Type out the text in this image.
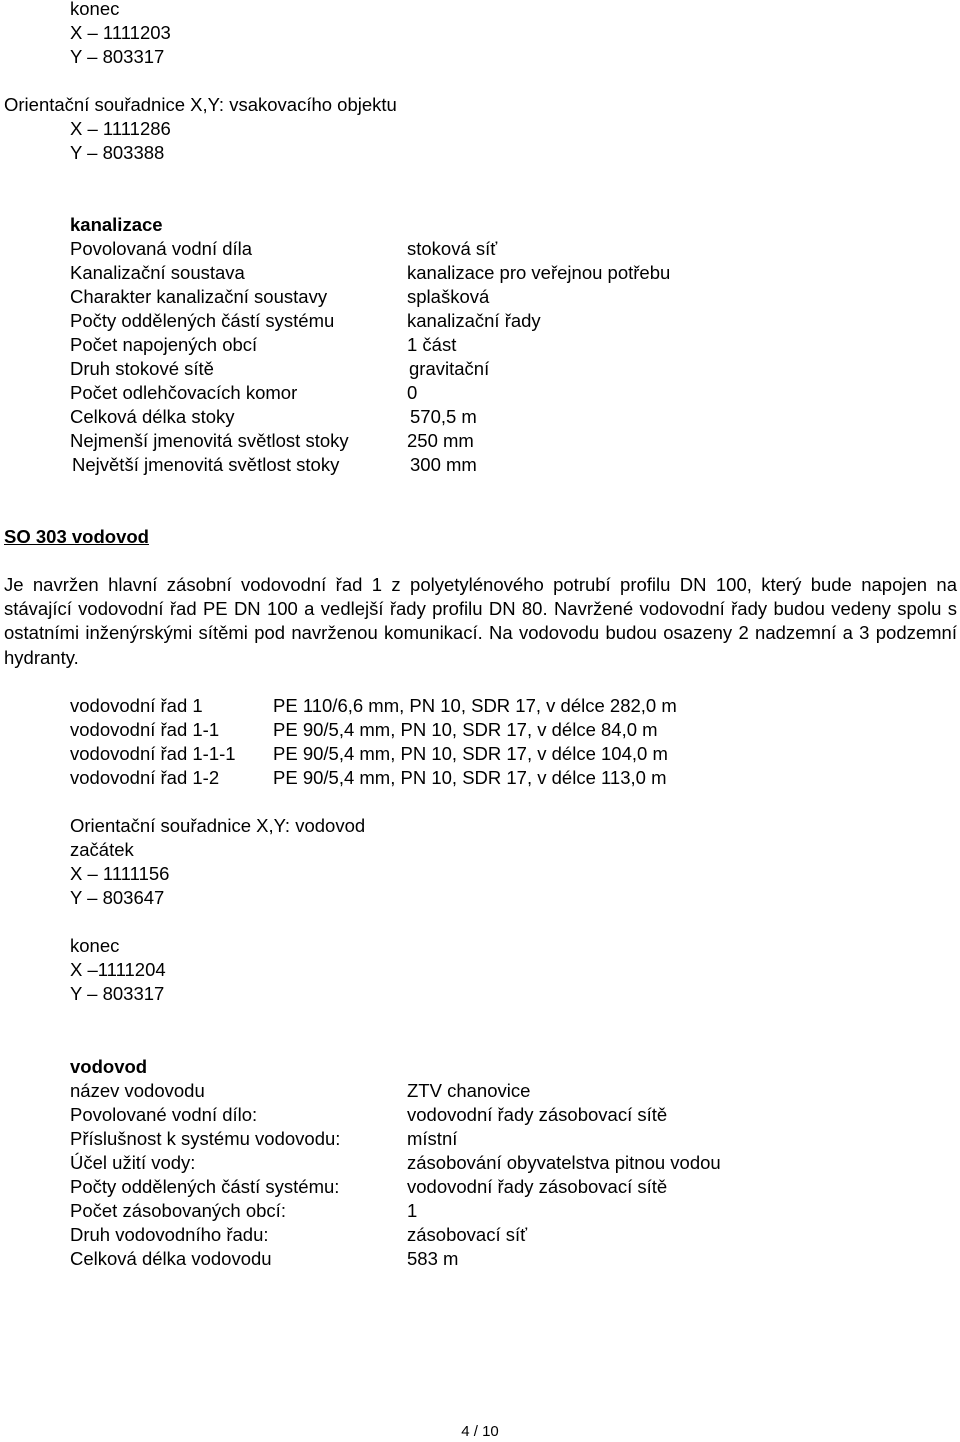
konec
X – 1111203
Y – 803317
Orientační souřadnice X,Y: vsakovacího objektu
X – 1111286
Y – 803388
kanalizace
Povolovaná vodní díla	stoková síť
Kanalizační soustava	kanalizace pro veřejnou potřebu
Charakter kanalizační soustavy	splašková
Počty oddělených částí systému	kanalizační řady
Počet napojených obcí	1 část
Druh stokové sítě	gravitační
Počet odlehčovacích komor	0
Celková délka stoky	570,5 m
Nejmenší jmenovitá světlost stoky	250 mm
Největší jmenovitá světlost stoky	300 mm
SO 303 vodovod
Je navržen hlavní zásobní vodovodní řad 1 z polyetylénového potrubí profilu DN 100, který bude napojen na stávající vodovodní řad PE DN 100 a vedlejší řady profilu DN 80. Navržené vodovodní řady budou vedeny spolu s ostatními inženýrskými sítěmi pod navrženou komunikací. Na vodovodu budou osazeny 2 nadzemní a 3 podzemní hydranty.
vodovodní řad 1	PE 110/6,6 mm, PN 10, SDR 17, v délce 282,0 m
vodovodní řad 1-1	PE 90/5,4 mm, PN 10, SDR 17, v délce 84,0 m
vodovodní řad 1-1-1 PE 90/5,4 mm, PN 10, SDR 17, v délce 104,0 m
vodovodní řad 1-2	PE 90/5,4 mm, PN 10, SDR 17, v délce 113,0 m
Orientační souřadnice X,Y: vodovod
začátek
X – 1111156
Y – 803647
konec
X –1111204
Y – 803317
vodovod
název vodovodu	ZTV chanovice
Povolované vodní dílo:	vodovodní řady zásobovací sítě
Příslušnost k systému vodovodu:	místní
Účel užití vody:	zásobování obyvatelstva pitnou vodou
Počty oddělených částí systému:	vodovodní řady zásobovací sítě
Počet zásobovaných obcí:	1
Druh vodovodního řadu:	zásobovací síť
Celková délka vodovodu	583 m
4 / 10
